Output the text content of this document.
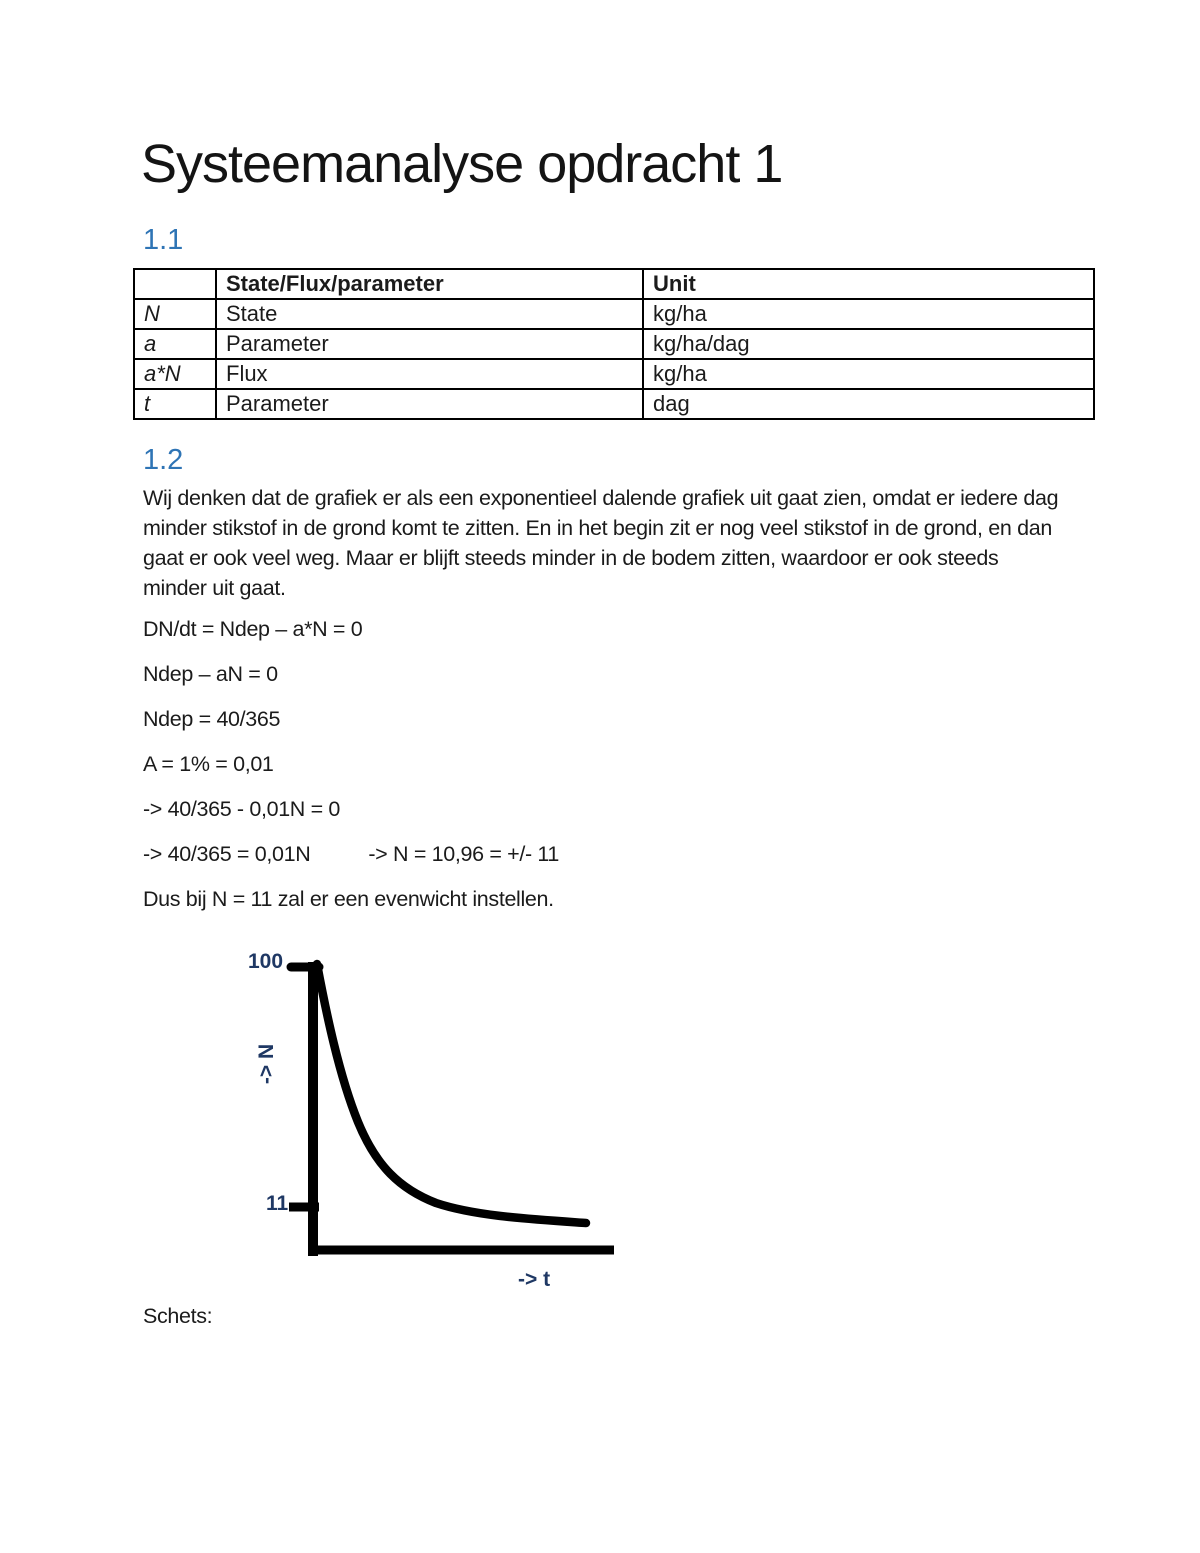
Systeemanalyse opdracht 1
1.1
	State/Flux/parameter	Unit
N	State	kg/ha
a	Parameter	kg/ha/dag
a*N	Flux	kg/ha
t	Parameter	dag
1.2
Wij denken dat de grafiek er als een exponentieel dalende grafiek uit gaat zien, omdat er iedere dag minder stikstof in de grond komt te zitten. En in het begin zit er nog veel stikstof in de grond, en dan gaat er ook veel weg. Maar er blijft steeds minder in de bodem zitten, waardoor er ook steeds minder uit gaat.

DN/dt = Ndep – a*N = 0

Ndep – aN = 0

Ndep = 40/365

A = 1% = 0,01

-> 40/365 - 0,01N = 0

-> 40/365 = 0,01N	-> N = 10,96 = +/- 11

Dus bij N = 11 zal er een evenwicht instellen.

100
11
-> N
-> t
Schets:
